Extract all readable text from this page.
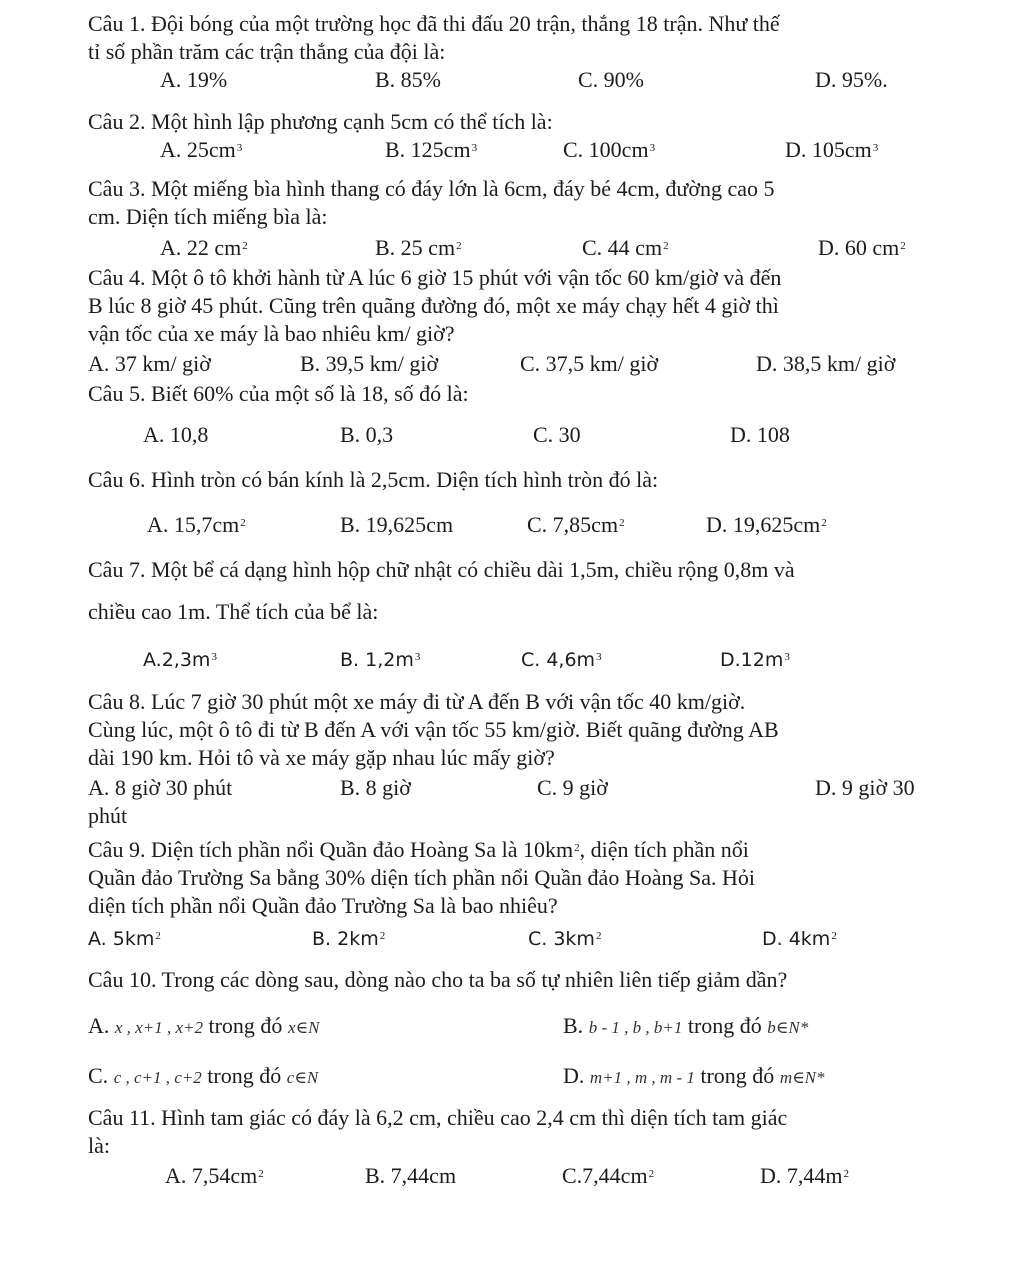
Câu 1. Đội bóng của một trường học đã thi đấu 20 trận, thắng 18 trận. Như thế
tỉ số phần trăm các trận thắng của đội là:
A. 19%	B. 85%	C. 90%	D. 95%.
Câu 2. Một hình lập phương cạnh 5cm có thể tích là:
A. $25cm^3$	B. $125cm^3$	C. $100cm^3$	D. $105cm^3$
Câu 3. Một miếng bìa hình thang có đáy lớn là 6cm, đáy bé 4cm, đường cao 5
cm. Diện tích miếng bìa là:
A. 22 $cm^2$	B. 25 $cm^2$	C. 44 $cm^2$	D. 60 $cm^2$
Câu 4. Một ô tô khởi hành từ A lúc 6 giờ 15 phút với vận tốc 60 km/giờ và đến
B lúc 8 giờ 45 phút. Cũng trên quãng đường đó, một xe máy chạy hết 4 giờ thì
vận tốc của xe máy là bao nhiêu km/ giờ?
A. 37 km/ giờ	B. 39,5 km/ giờ	C. 37,5 km/ giờ	D. 38,5 km/ giờ
Câu 5. Biết 60% của một số là 18, số đó là:
A. 10,8	B. 0,3	C. 30	D. 108
Câu 6. Hình tròn có bán kính là 2,5cm. Diện tích hình tròn đó là:
A. $15,7cm^2$	B. 19,625cm	C. $7,85cm^2$	D. $19,625cm^2$
Câu 7. Một bể cá dạng hình hộp chữ nhật có chiều dài 1,5m, chiều rộng 0,8m và
chiều cao 1m. Thể tích của bể là:
$A.2,3m^3$	B. $1,2m^3$	C. $4,6m^3$	$D.12m^3$
Câu 8. Lúc 7 giờ 30 phút một xe máy đi từ A đến B với vận tốc 40 km/giờ.
Cùng lúc, một ô tô đi từ B đến A với vận tốc 55 km/giờ. Biết quãng đường AB
dài 190 km. Hỏi tô và xe máy gặp nhau lúc mấy giờ?
A. 8 giờ 30 phút	B. 8 giờ	C. 9 giờ	D. 9 giờ 30
phút
Câu 9. Diện tích phần nổi Quần đảo Hoàng Sa là $10km^2$, diện tích phần nổi
Quần đảo Trường Sa bằng 30% diện tích phần nổi Quần đảo Hoàng Sa. Hỏi
diện tích phần nổi Quần đảo Trường Sa là bao nhiêu?
A. $5km^2$	B. $2km^2$	C. $3km^2$	D. $4km^2$
Câu 10. Trong các dòng sau, dòng nào cho ta ba số tự nhiên liên tiếp giảm dần?
A. x , x+1 , x+2 trong đó x∈N	B. b - 1 , b , b+1 trong đó b∈N*
C. c , c+1 , c+2 trong đó c∈N	D. m+1 , m , m - 1 trong đó m∈N*
Câu 11. Hình tam giác có đáy là 6,2 cm, chiều cao 2,4 cm thì diện tích tam giác
là:
A. $7,54cm^2$	B. 7,44cm	$C.7,44cm^2$	D. $7,44m^2$
